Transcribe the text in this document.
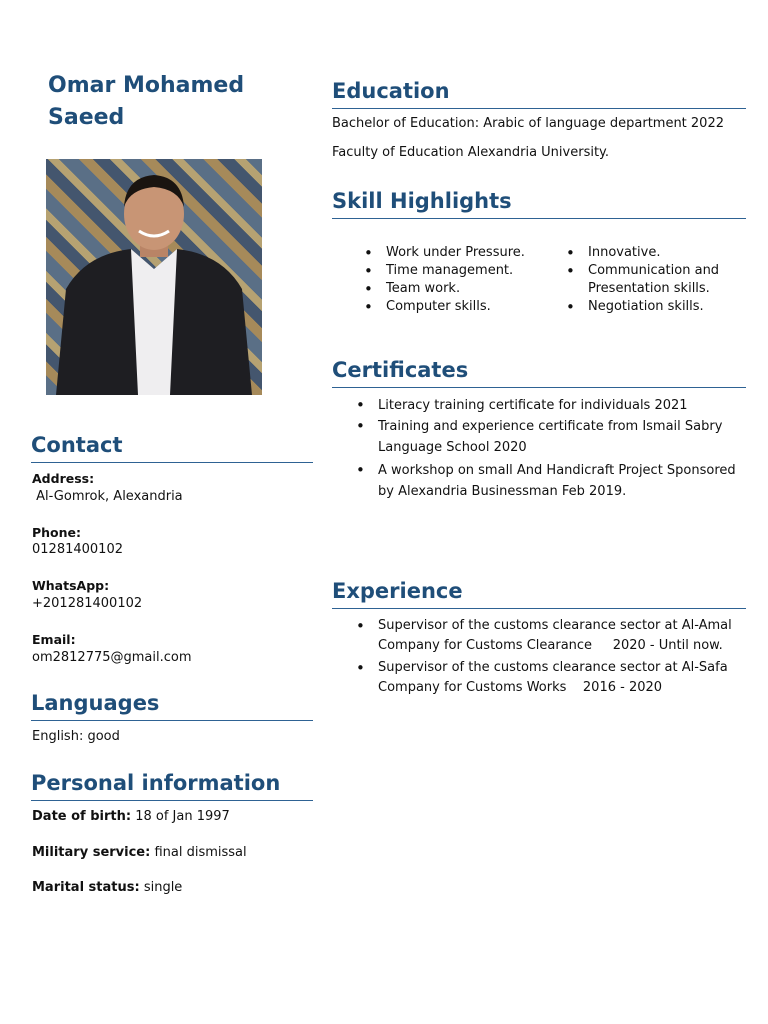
Omar Mohamed
Saeed
Contact
Address:
Al-Gomrok, Alexandria
Phone:
01281400102
WhatsApp:
+201281400102
Email:
om2812775@gmail.com
Languages
English: good
Personal information
Date of birth: 18 of Jan 1997
Military service: final dismissal
Marital status: single
Education
Bachelor of Education: Arabic of language department 2022
Faculty of Education Alexandria University.
Skill Highlights
• Work under Pressure.
• Time management.
• Team work.
• Computer skills.
• Innovative.
• Communication and
Presentation skills.
• Negotiation skills.
Certificates
• Literacy training certificate for individuals 2021
• Training and experience certificate from Ismail Sabry
Language School 2020
• A workshop on small And Handicraft Project Sponsored
by Alexandria Businessman Feb 2019.
Experience
• Supervisor of the customs clearance sector at Al-Amal
Company for Customs Clearance     2020 - Until now.
• Supervisor of the customs clearance sector at Al-Safa
Company for Customs Works    2016 - 2020
